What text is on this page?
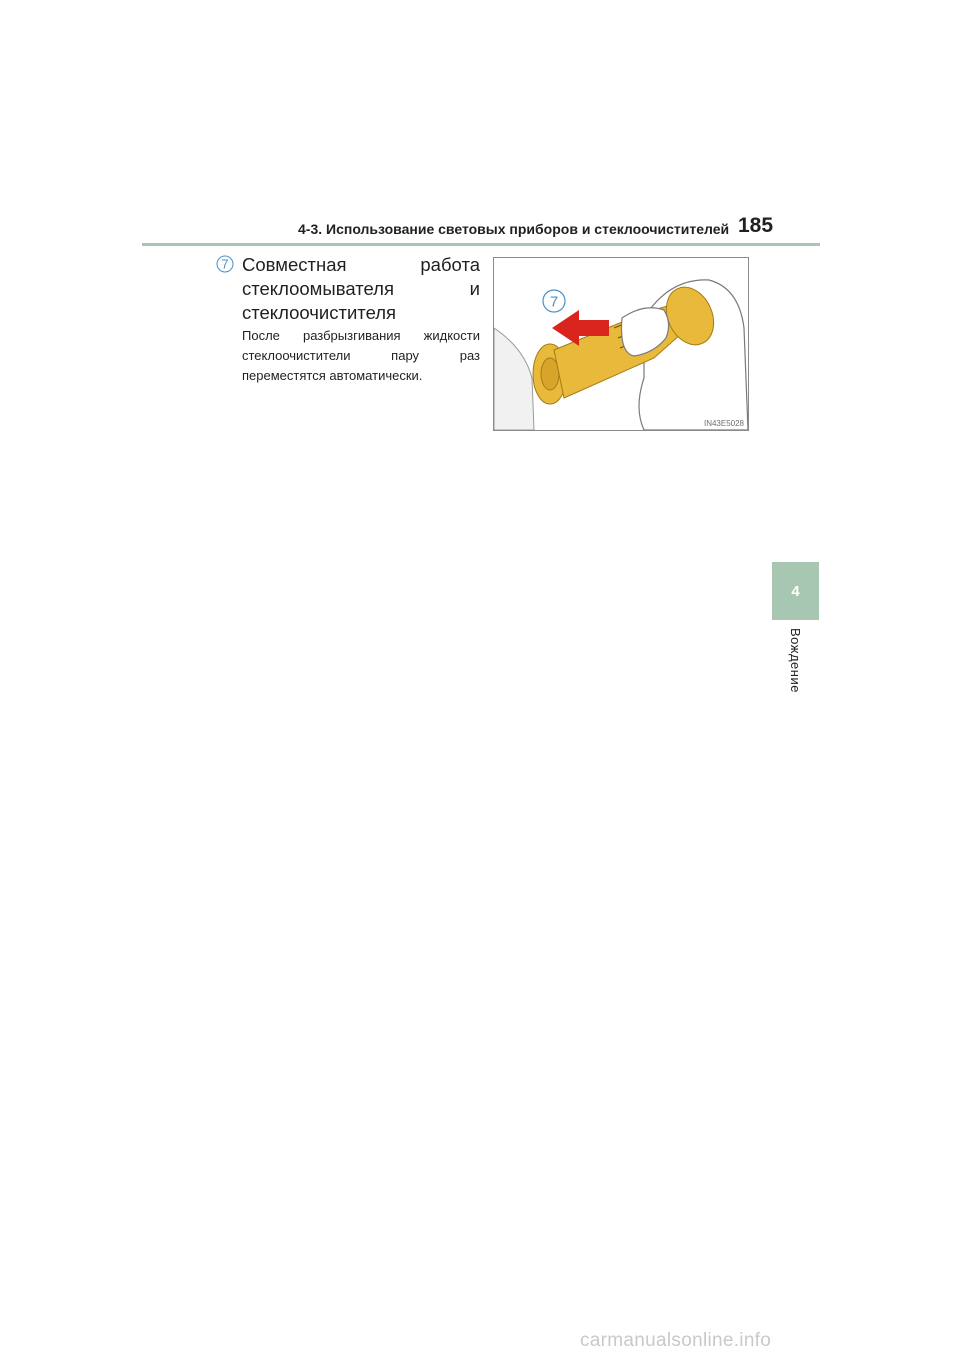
4-3. Использование световых приборов и стеклоочистителей 185
4
Вождение
7 Совместная работа
стеклоомывателя и
стеклоочистителя
После разбрызгивания жидкости
стеклоочистители пару раз
переместятся автоматически.
7
IN43E5028
carmanualsonline.info
